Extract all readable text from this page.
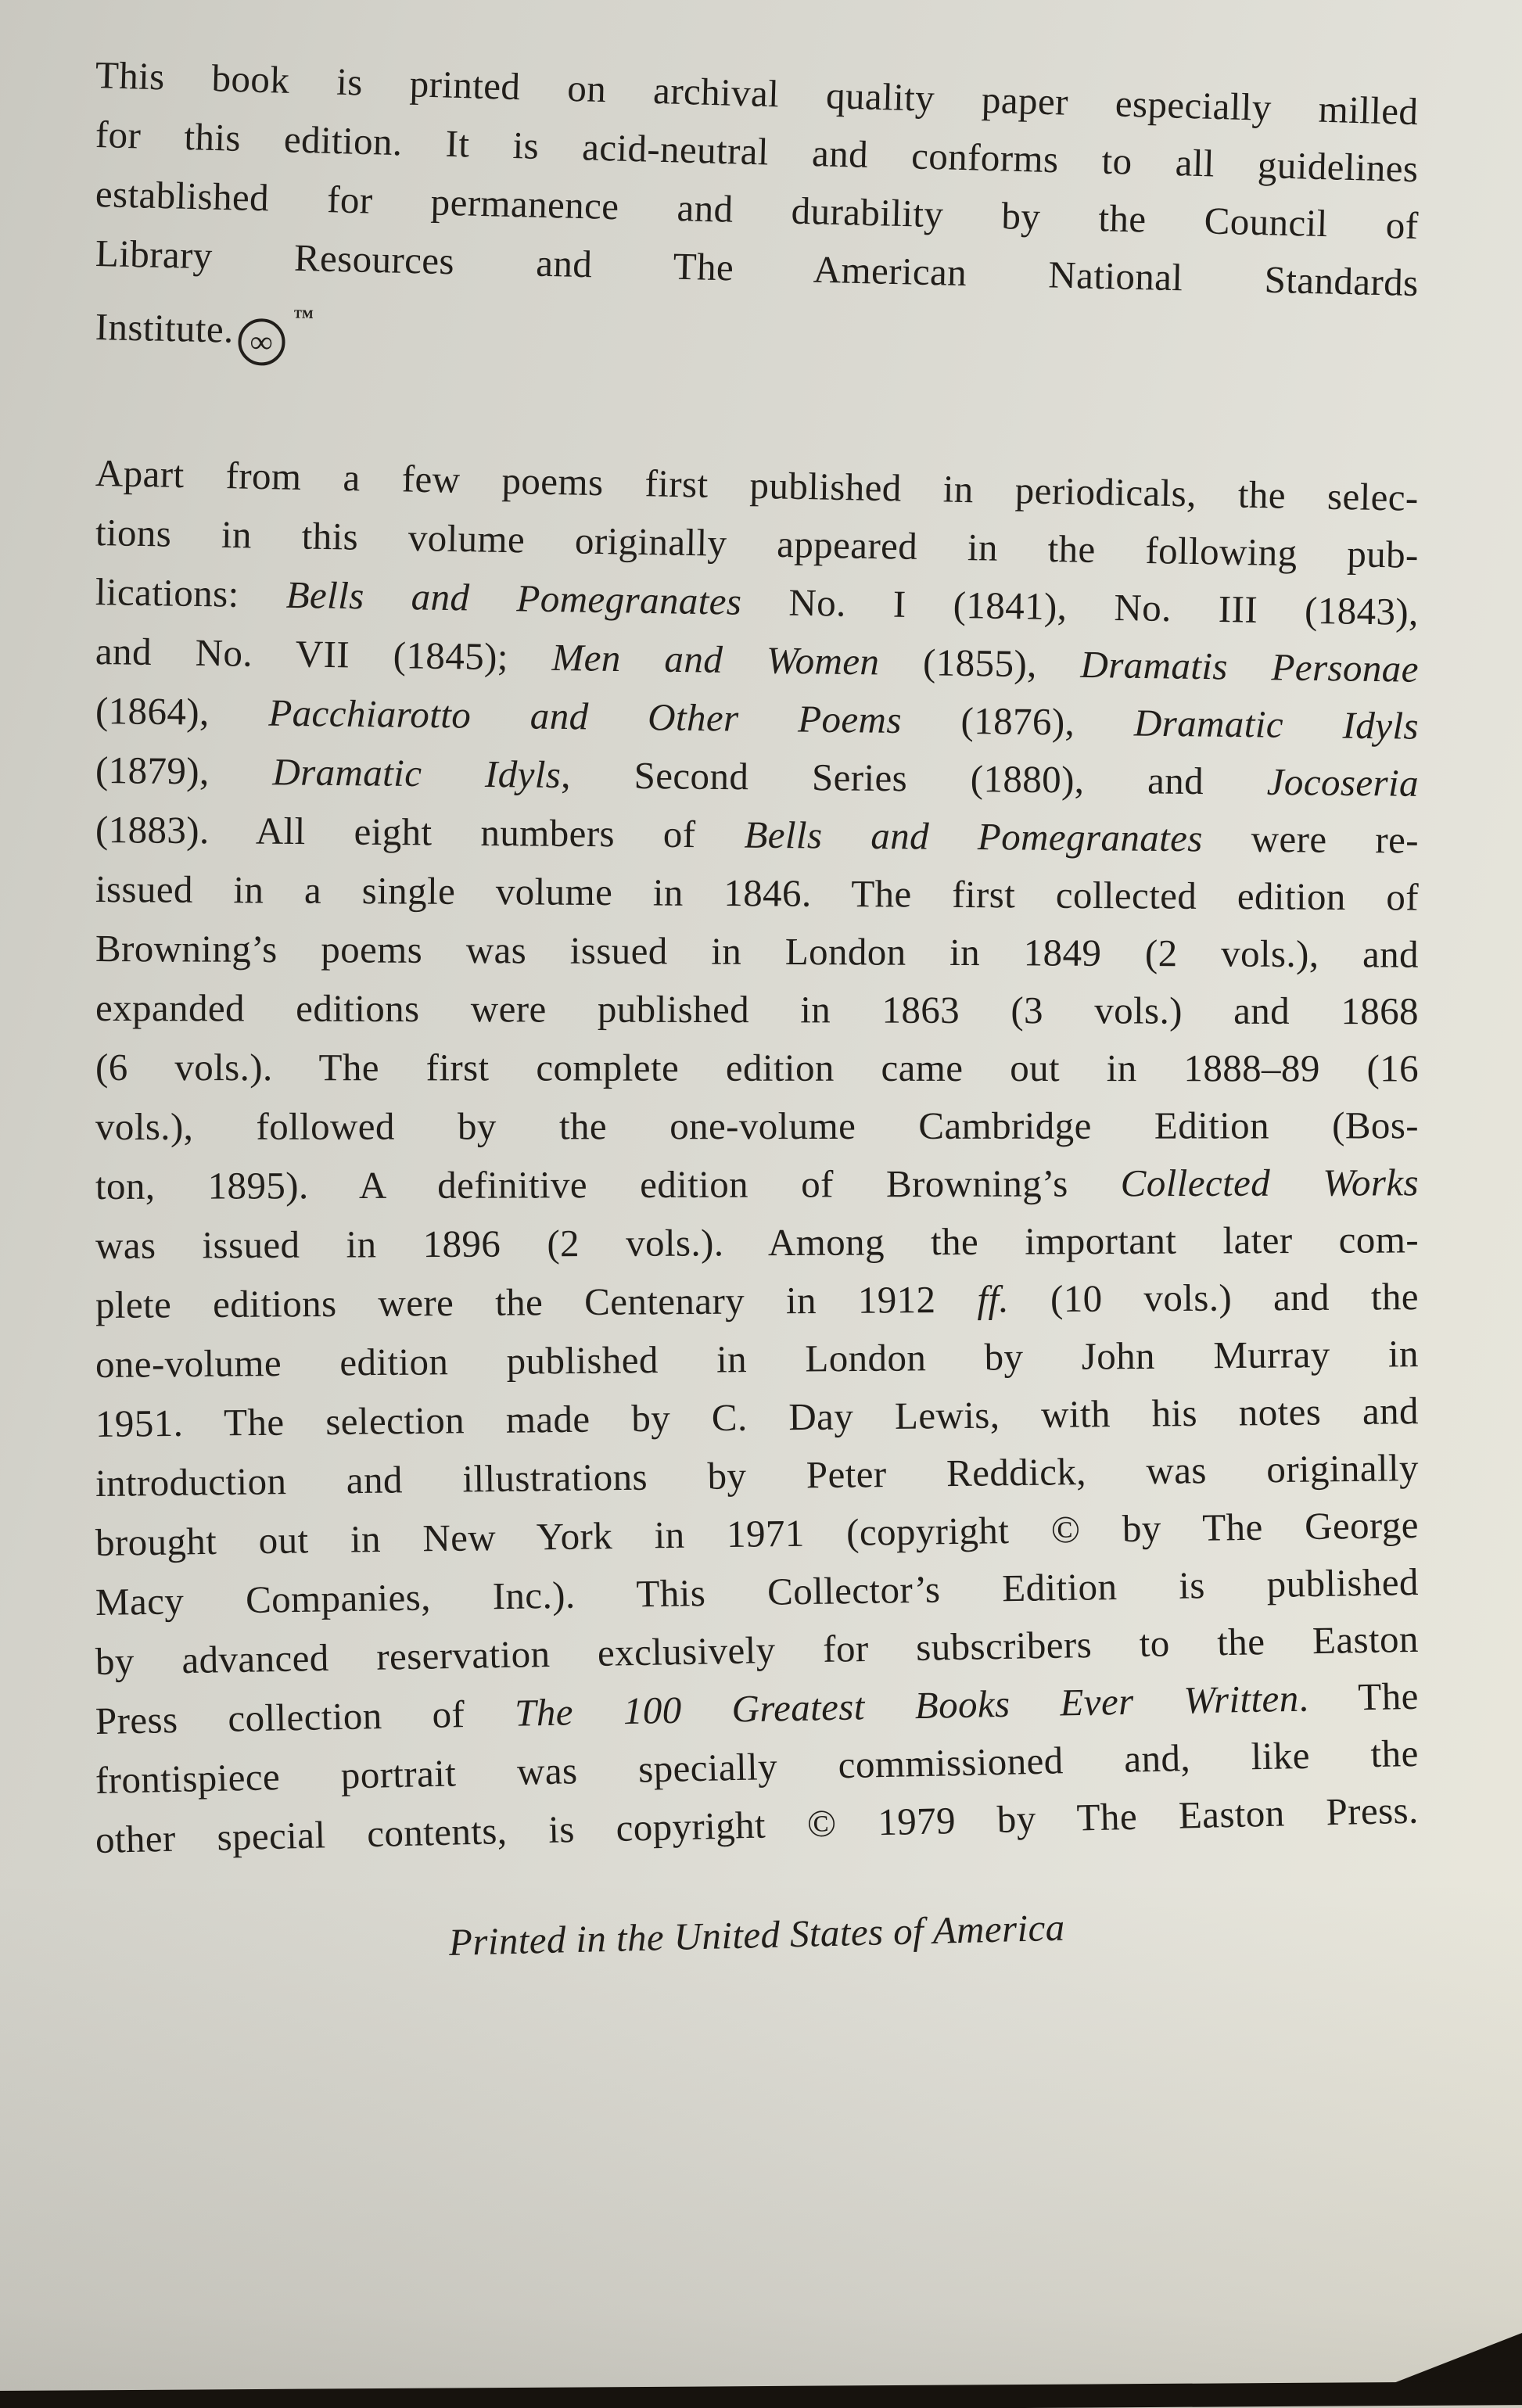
This book is printed on archival quality paper especially milled
for this edition. It is acid-neutral and conforms to all guidelines
established for permanence and durability by the Council of
Library Resources and The American National Standards
Institute. ∞™
Apart from a few poems first published in periodicals, the selec-
tions in this volume originally appeared in the following pub-
lications: Bells and Pomegranates No. I (1841), No. III (1843),
and No. VII (1845); Men and Women (1855), Dramatis Personae
(1864), Pacchiarotto and Other Poems (1876), Dramatic Idyls
(1879), Dramatic Idyls, Second Series (1880), and Jocoseria
(1883). All eight numbers of Bells and Pomegranates were re-
issued in a single volume in 1846. The first collected edition of
Browning’s poems was issued in London in 1849 (2 vols.), and
expanded editions were published in 1863 (3 vols.) and 1868
(6 vols.). The first complete edition came out in 1888–89 (16
vols.), followed by the one-volume Cambridge Edition (Bos-
ton, 1895). A definitive edition of Browning’s Collected Works
was issued in 1896 (2 vols.). Among the important later com-
plete editions were the Centenary in 1912 ff. (10 vols.) and the
one-volume edition published in London by John Murray in
1951. The selection made by C. Day Lewis, with his notes and
introduction and illustrations by Peter Reddick, was originally
brought out in New York in 1971 (copyright © by The George
Macy Companies, Inc.). This Collector’s Edition is published
by advanced reservation exclusively for subscribers to the Easton
Press collection of The 100 Greatest Books Ever Written. The
frontispiece portrait was specially commissioned and, like the
other special contents, is copyright © 1979 by The Easton Press.
Printed in the United States of America
